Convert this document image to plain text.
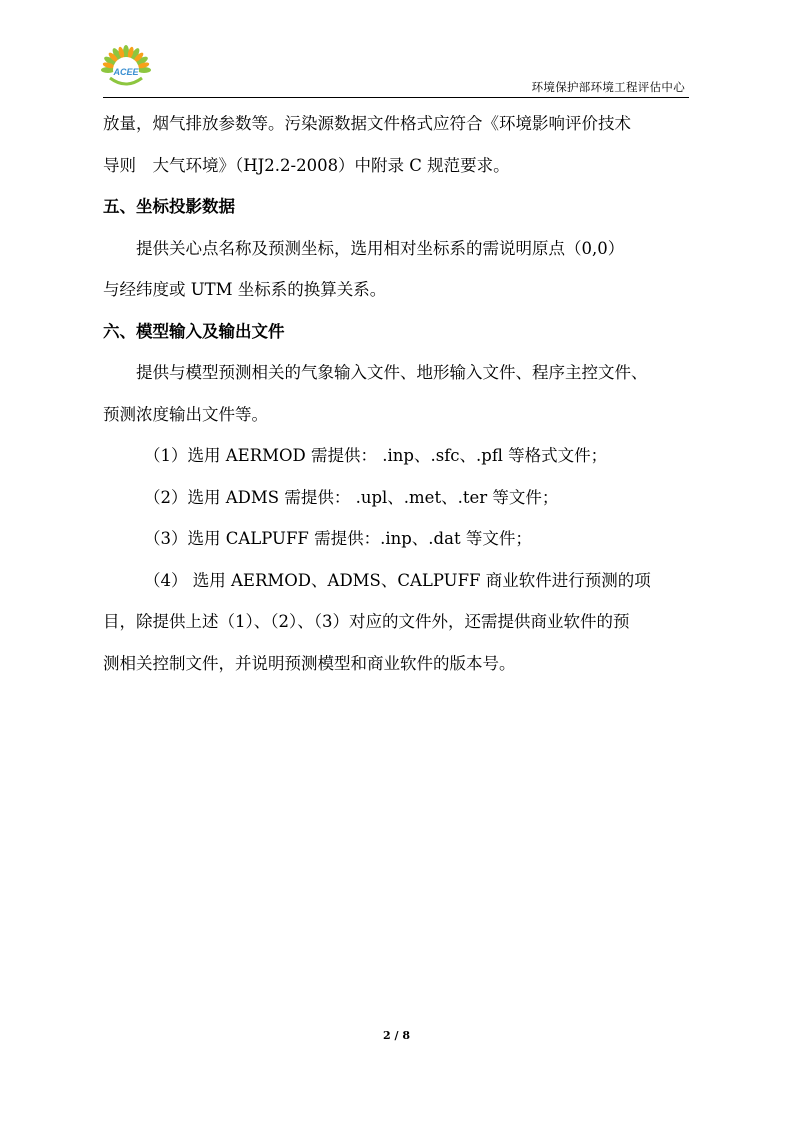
ACEE
环境保护部环境工程评估中心

放量，烟气排放参数等。污染源数据文件格式应符合《环境影响评价技术

导则　大气环境》（HJ2.2-2008）中附录 C 规范要求。

五、坐标投影数据

提供关心点名称及预测坐标，选用相对坐标系的需说明原点（0,0）

与经纬度或 UTM 坐标系的换算关系。

六、模型输入及输出文件

提供与模型预测相关的气象输入文件、地形输入文件、程序主控文件、

预测浓度输出文件等。

（1）选用 AERMOD 需提供： .inp、.sfc、.pfl 等格式文件；

（2）选用 ADMS 需提供： .upl、.met、.ter 等文件；

（3）选用 CALPUFF 需提供：.inp、.dat 等文件；

（4） 选用 AERMOD、ADMS、CALPUFF 商业软件进行预测的项

目，除提供上述（1）、（2）、（3）对应的文件外，还需提供商业软件的预

测相关控制文件，并说明预测模型和商业软件的版本号。

2 / 8
